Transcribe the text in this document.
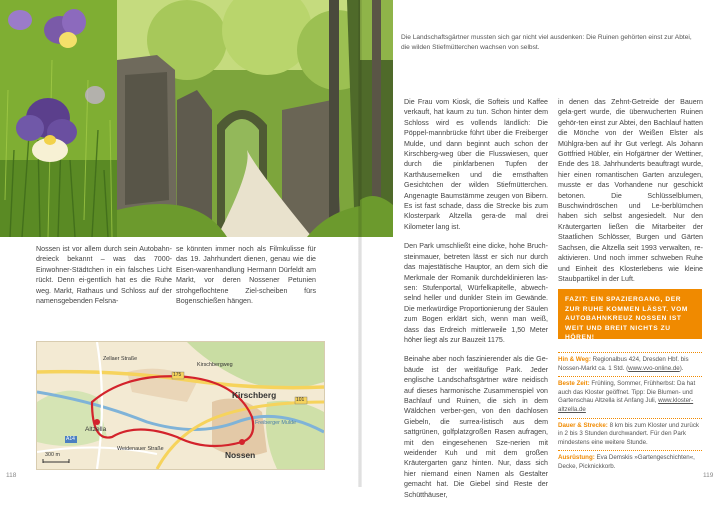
Nossen ist vor allem durch sein Autobahn-dreieck bekannt – was das 7000-Einwohner-Städtchen in ein falsches Licht rückt. Denn ei-gentlich hat es die Ruhe weg. Markt, Rathaus und Schloss auf der namensgebenden Felsna-

se könnten immer noch als Filmkulisse für das 19. Jahrhundert dienen, genau wie die Eisen-warenhandlung Hermann Dürfeldt am Markt, vor deren Nossener Petunien strohgeflochtene Ziel-scheiben fürs Bogenschießen hängen.

Kirschberg
Nossen
Altzella
Freiberger Mulde
Zellaer Straße
Weidenauer Straße
Kirschbergweg
175
101
A14
300 m
118
Die Landschaftsgärtner mussten sich gar nicht viel ausdenken: Die Ruinen gehörten einst zur Abtei, die wilden Stiefmütterchen wachsen von selbst.

Die Frau vom Kiosk, die Softeis und Kaffee verkauft, hat kaum zu tun. Schon hinter dem Schloss wird es vollends ländlich: Die Pöppel-mannbrücke führt über die Freiberger Mulde, und dann beginnt auch schon der Kirschberg-weg über die Flusswiesen, quer durch die pinkfarbenen Tupfen der Karthäusernelken und die ernsthaften Gesichtchen der wilden Stiefmütterchen. Angenagte Baumstämme zeugen von Bibern. Es ist fast schade, dass die Strecke bis zum Klosterpark Altzella gera-de mal drei Kilometer lang ist.

Den Park umschließt eine dicke, hohe Bruch-steinmauer, betreten lässt er sich nur durch das majestätische Hauptor, an dem sich die Merkmale der Romanik durchdeklinieren las-sen: Stufenportal, Würfelkapitelle, abwech-selnd heller und dunkler Stein im Gewände. Die merkwürdige Proportionierung der Säulen zum Bogen erklärt sich, wenn man weiß, dass das Erdreich mittlerweile 1,50 Meter höher liegt als zur Bauzeit 1175.

Beinahe aber noch faszinierender als die Ge-bäude ist der weitläufige Park. Jeder englische Landschaftsgärtner wäre neidisch auf dieses harmonische Zusammenspiel von Bachlauf und Ruinen, die sich in dem Wäldchen verber-gen, von den dachlosen Giebeln, die surrea-listisch aus dem sattgrünen, golfplatzgroßen Rasen aufragen, mit den eingesehenen Sze-nerien mit weidender Kuh und mit dem großen Kräutergarten ganz hinten. Nur, dass sich hier niemand einen Namen als Gestalter gemacht hat. Die Giebel sind Reste der Schütthäuser,

in denen das Zehnt-Getreide der Bauern gela-gert wurde, die überwucherten Ruinen gehör-ten einst zur Abtei, den Bachlauf hatten die Mönche von der Weißen Elster als Mühlgra-ben auf ihr Gut verlegt. Als Johann Gottfried Hübler, ein Hofgärtner der Wettiner, Ende des 18. Jahrhunderts beauftragt wurde, hier einen romantischen Garten anzulegen, musste er das Vorhandene nur geschickt betonen. Die Schlüsselblumen, Buschwindröschen und Le-berblümchen haben sich selbst angesiedelt. Nur den Kräutergarten ließen die Mitarbeiter der Staatlichen Schlösser, Burgen und Gärten Sachsen, die Altzella seit 1993 verwalten, re-aktivieren. Und noch immer schweben Ruhe und Einheit des Klosterlebens wie kleine Staubpartikel in der Luft.

FAZIT: EIN SPAZIERGANG, DER ZUR RUHE KOMMEN LÄSST. VOM AUTOBAHNKREUZ NOSSEN IST WEIT UND BREIT NICHTS ZU HÖREN!
Hin & Weg: Regionalbus 424, Dresden Hbf. bis Nossen-Markt ca. 1 Std. (www.vvo-online.de).
Beste Zeit: Frühling, Sommer, Frühherbst: Da hat auch das Kloster geöffnet. Tipp: Die Blumen- und Gartenschau Altzella ist Anfang Juli, www.kloster-altzella.de
Dauer & Strecke: 8 km bis zum Kloster und zurück in 2 bis 3 Stunden durchwandert. Für den Park mindestens eine weitere Stunde.
Ausrüstung: Eva Demskis »Gartengeschichten«, Decke, Picknickkorb.
119
